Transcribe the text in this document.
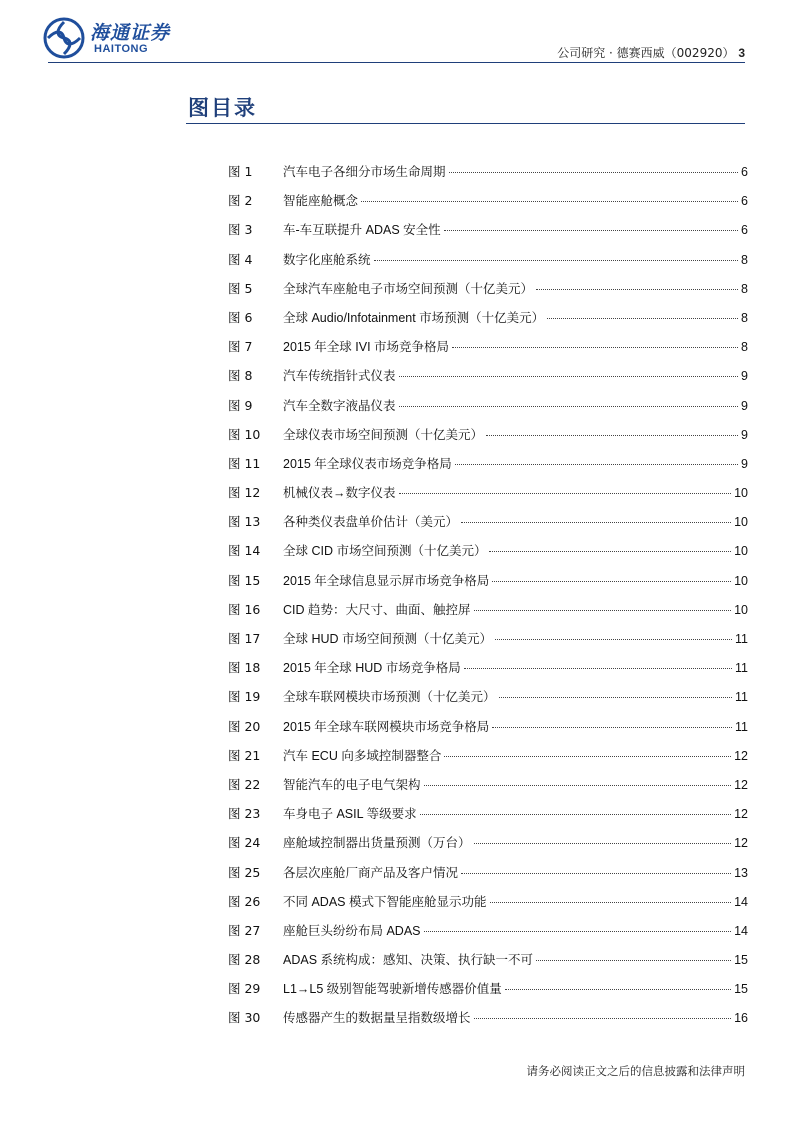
海通证券
HAITONG	公司研究 · 德赛西威（002920） 3
图目录
图 1	汽车电子各细分市场生命周期	6
图 2	智能座舱概念	6
图 3	车-车互联提升 ADAS 安全性	6
图 4	数字化座舱系统	8
图 5	全球汽车座舱电子市场空间预测（十亿美元）	8
图 6	全球 Audio/Infotainment 市场预测（十亿美元）	8
图 7	2015 年全球 IVI 市场竞争格局	8
图 8	汽车传统指针式仪表	9
图 9	汽车全数字液晶仪表	9
图 10	全球仪表市场空间预测（十亿美元）	9
图 11	2015 年全球仪表市场竞争格局	9
图 12	机械仪表→数字仪表	10
图 13	各种类仪表盘单价估计（美元）	10
图 14	全球 CID 市场空间预测（十亿美元）	10
图 15	2015 年全球信息显示屏市场竞争格局	10
图 16	CID 趋势：大尺寸、曲面、触控屏	10
图 17	全球 HUD 市场空间预测（十亿美元）	11
图 18	2015 年全球 HUD 市场竞争格局	11
图 19	全球车联网模块市场预测（十亿美元）	11
图 20	2015 年全球车联网模块市场竞争格局	11
图 21	汽车 ECU 向多域控制器整合	12
图 22	智能汽车的电子电气架构	12
图 23	车身电子 ASIL 等级要求	12
图 24	座舱域控制器出货量预测（万台）	12
图 25	各层次座舱厂商产品及客户情况	13
图 26	不同 ADAS 模式下智能座舱显示功能	14
图 27	座舱巨头纷纷布局 ADAS	14
图 28	ADAS 系统构成：感知、决策、执行缺一不可	15
图 29	L1→L5 级别智能驾驶新增传感器价值量	15
图 30	传感器产生的数据量呈指数级增长	16
请务必阅读正文之后的信息披露和法律声明
